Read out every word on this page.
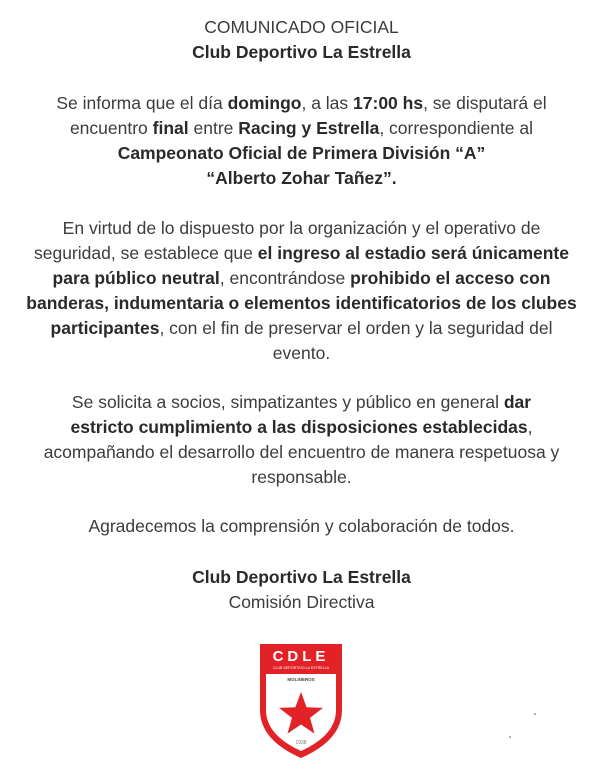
COMUNICADO OFICIAL
Club Deportivo La Estrella
Se informa que el día domingo, a las 17:00 hs, se disputará el
encuentro final entre Racing y Estrella, correspondiente al
Campeonato Oficial de Primera División “A”
“Alberto Zohar Tañez”.
En virtud de lo dispuesto por la organización y el operativo de
seguridad, se establece que el ingreso al estadio será únicamente
para público neutral, encontrándose prohibido el acceso con
banderas, indumentaria o elementos identificatorios de los clubes
participantes, con el fin de preservar el orden y la seguridad del
evento.
Se solicita a socios, simpatizantes y público en general dar
estricto cumplimiento a las disposiciones establecidas,
acompañando el desarrollo del encuentro de manera respetuosa y
responsable.
Agradecemos la comprensión y colaboración de todos.
Club Deportivo La Estrella
Comisión Directiva
CDLE
CLUB DEPORTIVO LA ESTRELLA
MOLINEROS
1938
